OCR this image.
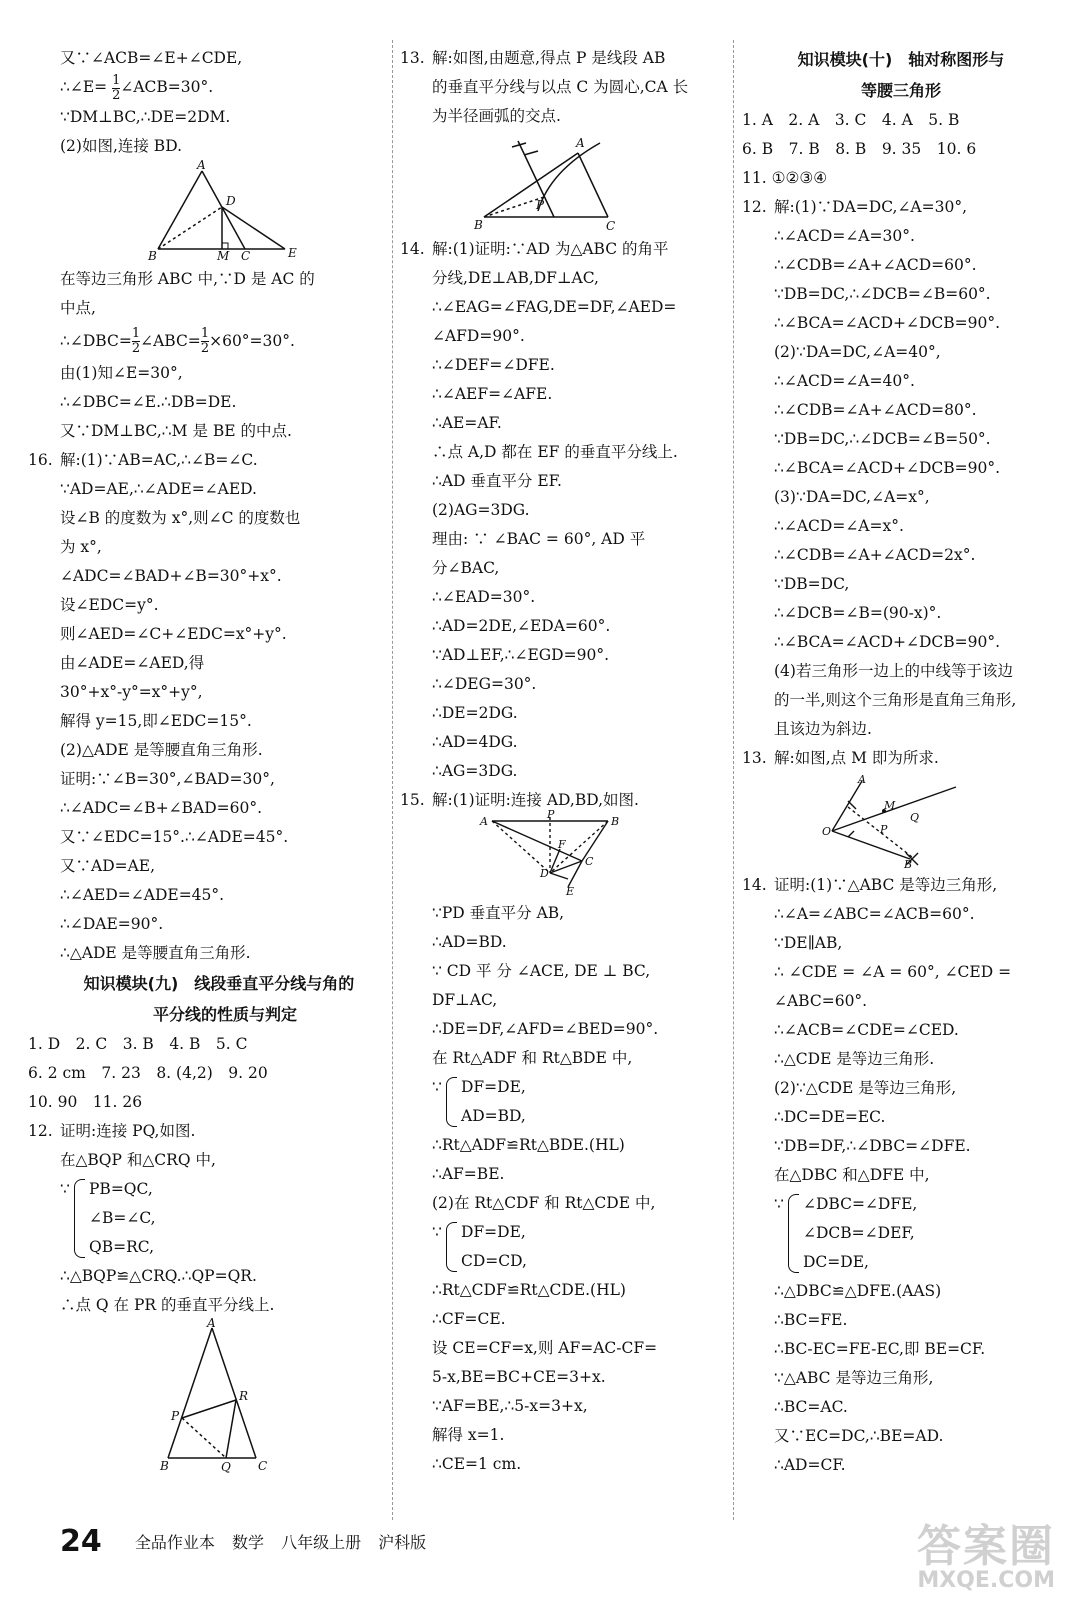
又∵∠ACB=∠E+∠CDE,
∴∠E= $\frac{1}{2}$ ∠ACB=30°.
∵DM⊥BC,∴DE=2DM.
(2)如图,连接 BD.
A
B	C
D
E
M
在等边三角形 ABC 中,∵D 是 AC 的
中点,
∴∠DBC= $\frac{1}{2}$ ∠ABC= $\frac{1}{2} \times 60^\circ=30^\circ$.
由(1)知∠E=30°,
∴∠DBC=∠E.∴DB=DE.
又∵DM⊥BC,∴M 是 BE 的中点.
16. 解:(1)∵AB=AC,∴∠B=∠C.
∵AD=AE,∴∠ADE=∠AED.
设∠B 的度数为 x°,则∠C 的度数也
为 x°,
∠ADC=∠BAD+∠B=30°+x°.
设∠EDC=y°.
则∠AED=∠C+∠EDC=x°+y°.
由∠ADE=∠AED,得
30°+x°-y°=x°+y°,
解得 y=15,即∠EDC=15°.
(2)△ADE 是等腰直角三角形.
证明:∵∠B=30°,∠BAD=30°,
∴∠ADC=∠B+∠BAD=60°.
又∵∠EDC=15°.∴∠ADE=45°.
又∵AD=AE,
∴∠AED=∠ADE=45°.
∴∠DAE=90°.
∴△ADE 是等腰直角三角形.
知识模块(九)　线段垂直平分线与角的
平分线的性质与判定
1. D　2. C　3. B　4. B　5. C
6. 2 cm　7. 23　8. (4,2)　9. 20
10. 90　11. 26
12. 证明:连接 PQ,如图.
在△BQP 和△CRQ 中,
∵ PB=QC,
∠B=∠C,
QB=RC,
∴△BQP≌△CRQ.∴QP=QR.
∴点 Q 在 PR 的垂直平分线上.
A
B	C
P
Q
R
13. 解:如图,由题意,得点 P 是线段 AB
的垂直平分线与以点 C 为圆心,CA 长
为半径画弧的交点.
A
B	C
P
14. 解:(1)证明:∵AD 为△ABC 的角平
分线,DE⊥AB,DF⊥AC,
∴∠EAG=∠FAG,DE=DF,∠AED=
∠AFD=90°.
∴∠DEF=∠DFE.
∴∠AEF=∠AFE.
∴AE=AF.
∴点 A,D 都在 EF 的垂直平分线上.
∴AD 垂直平分 EF.
(2)AG=3DG.
理由: ∵ ∠BAC = 60°, AD 平
分∠BAC,
∴∠EAD=30°.
∴AD=2DE,∠EDA=60°.
∵AD⊥EF,∴∠EGD=90°.
∴∠DEG=30°.
∴DE=2DG.
∴AD=4DG.
∴AG=3DG.
15. 解:(1)证明:连接 AD,BD,如图.
A	B
C
D
E
F
P
∵PD 垂直平分 AB,
∴AD=BD.
∵ CD 平 分 ∠ACE, DE ⊥ BC,
DF⊥AC,
∴DE=DF,∠AFD=∠BED=90°.
在 Rt△ADF 和 Rt△BDE 中,
∵ DF=DE,
AD=BD,
∴Rt△ADF≌Rt△BDE.(HL)
∴AF=BE.
(2)在 Rt△CDF 和 Rt△CDE 中,
∵ DF=DE,
CD=CD,
∴Rt△CDF≌Rt△CDE.(HL)
∴CF=CE.
设 CE=CF=x,则 AF=AC-CF=
5-x,BE=BC+CE=3+x.
∵AF=BE,∴5-x=3+x,
解得 x=1.
∴CE=1 cm.
知识模块(十)　轴对称图形与
等腰三角形
1. A　2. A　3. C　4. A　5. B
6. B　7. B　8. B　9. 35　10. 6
11. ①②③④
12. 解:(1)∵DA=DC,∠A=30°,
∴∠ACD=∠A=30°.
∴∠CDB=∠A+∠ACD=60°.
∵DB=DC,∴∠DCB=∠B=60°.
∴∠BCA=∠ACD+∠DCB=90°.
(2)∵DA=DC,∠A=40°,
∴∠ACD=∠A=40°.
∴∠CDB=∠A+∠ACD=80°.
∵DB=DC,∴∠DCB=∠B=50°.
∴∠BCA=∠ACD+∠DCB=90°.
(3)∵DA=DC,∠A=x°,
∴∠ACD=∠A=x°.
∴∠CDB=∠A+∠ACD=2x°.
∵DB=DC,
∴∠DCB=∠B=(90-x)°.
∴∠BCA=∠ACD+∠DCB=90°.
(4)若三角形一边上的中线等于该边
的一半,则这个三角形是直角三角形,
且该边为斜边.
13. 解:如图,点 M 即为所求.
A
B
M
O	P
Q
14. 证明:(1)∵△ABC 是等边三角形,
∴∠A=∠ABC=∠ACB=60°.
∵DE∥AB,
∴ ∠CDE = ∠A = 60°, ∠CED =
∠ABC=60°.
∴∠ACB=∠CDE=∠CED.
∴△CDE 是等边三角形.
(2)∵△CDE 是等边三角形,
∴DC=DE=EC.
∵DB=DF,∴∠DBC=∠DFE.
在△DBC 和△DFE 中,
∵ ∠DBC=∠DFE,
∠DCB=∠DEF,
DC=DE,
∴△DBC≌△DFE.(AAS)
∴BC=FE.
∴BC-EC=FE-EC,即 BE=CF.
∵△ABC 是等边三角形,
∴BC=AC.
又∵EC=DC,∴BE=AD.
∴AD=CF.
24 全品作业本 数学 八年级上册 沪科版	答案圈
MXQE.COM
